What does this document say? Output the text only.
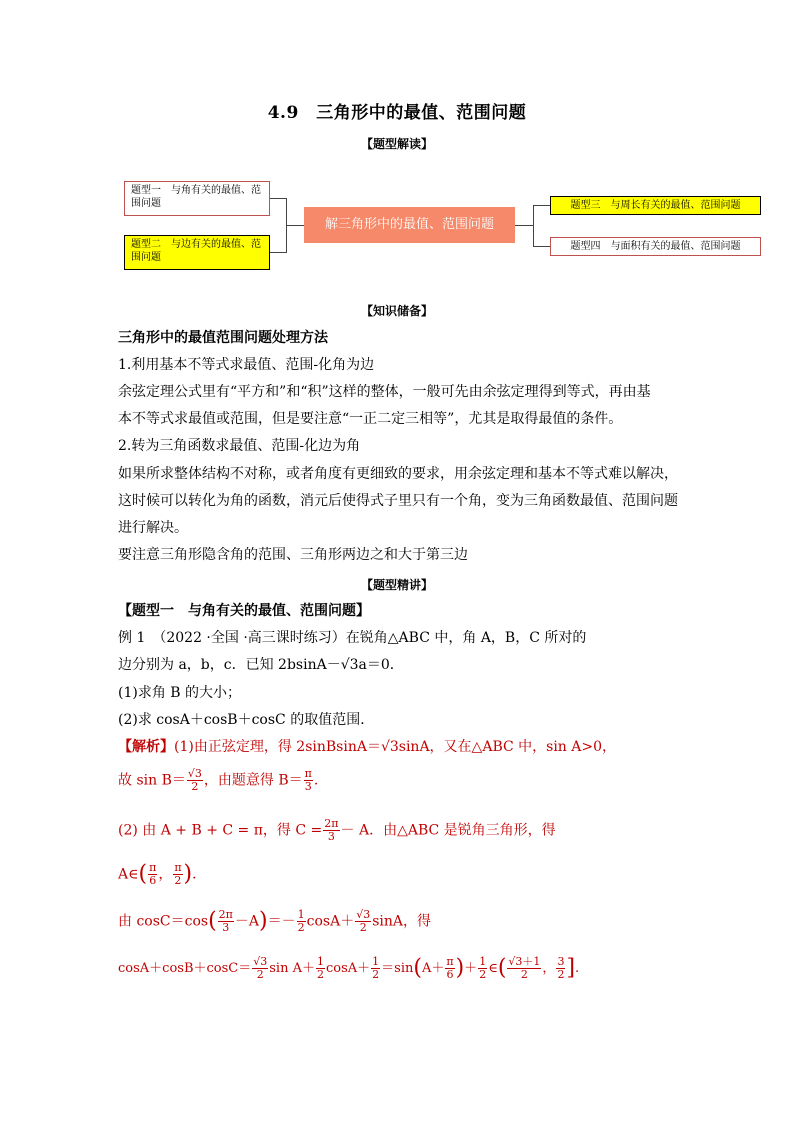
4.9　三角形中的最值、范围问题
【题型解读】
题型一　与角有关的最值、范围问题
题型二　与边有关的最值、范围问题
解三角形中的最值、范围问题
题型三　与周长有关的最值、范围问题
题型四　与面积有关的最值、范围问题
【知识储备】
三角形中的最值范围问题处理方法
1.利用基本不等式求最值、范围-化角为边
余弦定理公式里有“平方和”和“积”这样的整体，一般可先由余弦定理得到等式，再由基
本不等式求最值或范围，但是要注意“一正二定三相等”，尤其是取得最值的条件。
2.转为三角函数求最值、范围-化边为角
如果所求整体结构不对称，或者角度有更细致的要求，用余弦定理和基本不等式难以解决，
这时候可以转化为角的函数，消元后使得式子里只有一个角，变为三角函数最值、范围问题
进行解决。
要注意三角形隐含角的范围、三角形两边之和大于第三边
【题型精讲】
【题型一　与角有关的最值、范围问题】
例 1　（2022 ·全国 ·高三课时练习）在锐角△ABC 中，角 A，B，C 所对的
边分别为 a，b，c．已知 2bsinA－√3a＝0．
(1)求角 B 的大小；
(2)求 cosA＋cosB＋cosC 的取值范围．
【解析】(1)由正弦定理，得 2sinBsinA＝√3sinA，又在△ABC 中，sin A>0，
故 $\sin B= \frac{√3}{2}$ ，由题意得 $B= \frac{\pi}{3}$ .
(2) 由 A + B + C = π，得 $C = \frac{2\pi}{3} - A$．由△ABC 是锐角三角形，得
A∈( $\frac{\pi}{6}$ ， $\frac{\pi}{2}$ )．
由 $\cos C=\cos( \frac{2\pi}{3} -A)=- \frac{1}{2} \cos A+ \frac{√3}{2}$ sinA，得
$\cos A+\cos B+\cos C= \frac{√3}{2}$ $\sin A+ \frac{1}{2} \cos A+ \frac{1}{2} =\sin(A+ \frac{\pi}{6}$ )＋ $\frac{1}{2}$ ∈( $\frac{√3+1}{2}$ ， $\frac{3}{2}$ ].
